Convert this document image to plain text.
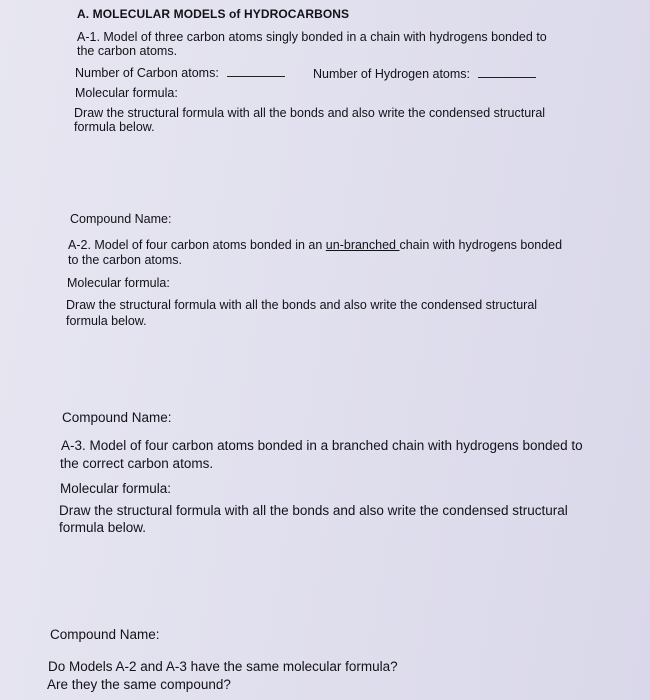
A. MOLECULAR MODELS of HYDROCARBONS
A-1. Model of three carbon atoms singly bonded in a chain with hydrogens bonded to
the carbon atoms.
Number of Carbon atoms:	Number of Hydrogen atoms:
Molecular formula:
Draw the structural formula with all the bonds and also write the condensed structural
formula below.
Compound Name:
A-2. Model of four carbon atoms bonded in an un-branched chain with hydrogens bonded
to the carbon atoms.
Molecular formula:
Draw the structural formula with all the bonds and also write the condensed structural
formula below.
Compound Name:
A-3. Model of four carbon atoms bonded in a branched chain with hydrogens bonded to
the correct carbon atoms.
Molecular formula:
Draw the structural formula with all the bonds and also write the condensed structural
formula below.
Compound Name:
Do Models A-2 and A-3 have the same molecular formula?
Are they the same compound?
